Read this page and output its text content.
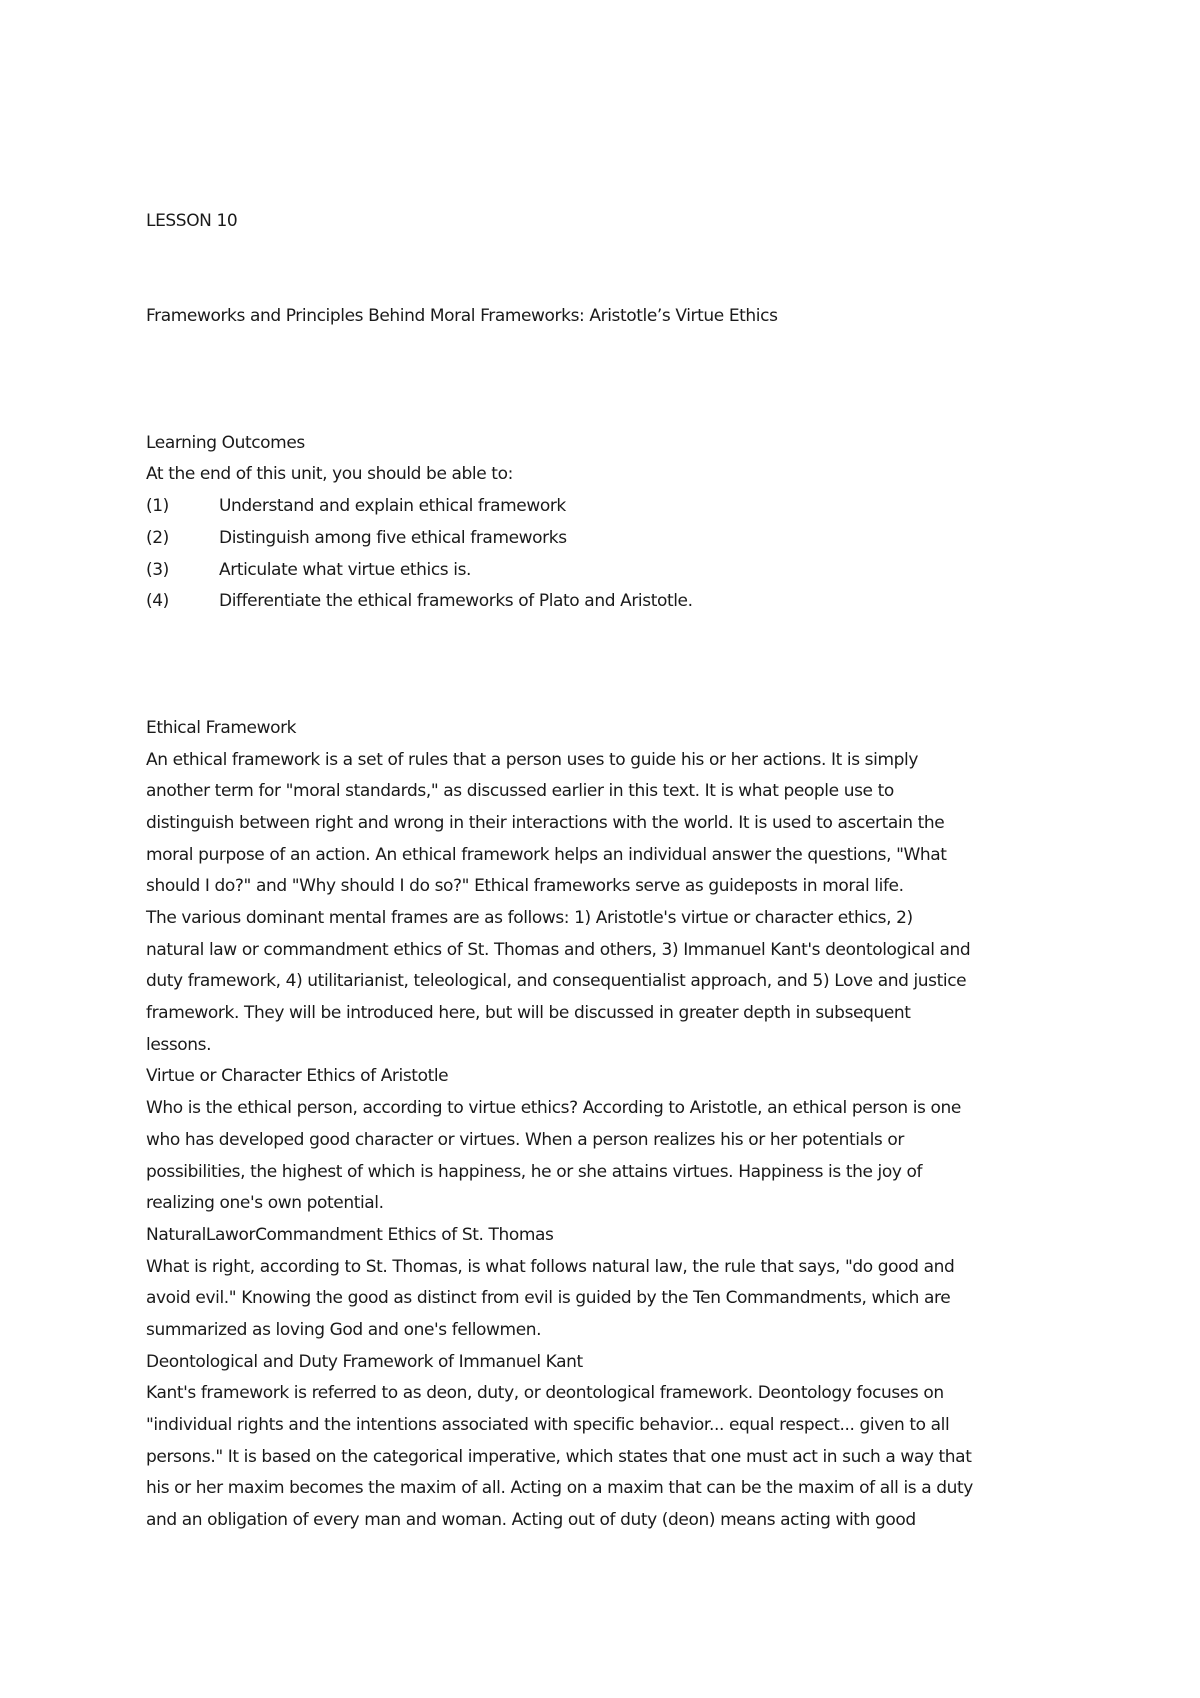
LESSON 10

Frameworks and Principles Behind Moral Frameworks: Aristotle’s Virtue Ethics

Learning Outcomes

At the end of this unit, you should be able to:

(1)	Understand and explain ethical framework
(2)	Distinguish among five ethical frameworks
(3)	Articulate what virtue ethics is.
(4)	Differentiate the ethical frameworks of Plato and Aristotle.

Ethical Framework

An ethical framework is a set of rules that a person uses to guide his or her actions. It is simply

another term for "moral standards," as discussed earlier in this text. It is what people use to

distinguish between right and wrong in their interactions with the world. It is used to ascertain the

moral purpose of an action. An ethical framework helps an individual answer the questions, "What

should I do?" and "Why should I do so?" Ethical frameworks serve as guideposts in moral life.

The various dominant mental frames are as follows: 1) Aristotle's virtue or character ethics, 2)

natural law or commandment ethics of St. Thomas and others, 3) Immanuel Kant's deontological and

duty framework, 4) utilitarianist, teleological, and consequentialist approach, and 5) Love and justice

framework. They will be introduced here, but will be discussed in greater depth in subsequent

lessons.

Virtue or Character Ethics of Aristotle

Who is the ethical person, according to virtue ethics? According to Aristotle, an ethical person is one

who has developed good character or virtues. When a person realizes his or her potentials or

possibilities, the highest of which is happiness, he or she attains virtues. Happiness is the joy of

realizing one's own potential.

NaturalLaworCommandment Ethics of St. Thomas

What is right, according to St. Thomas, is what follows natural law, the rule that says, "do good and

avoid evil." Knowing the good as distinct from evil is guided by the Ten Commandments, which are

summarized as loving God and one's fellowmen.

Deontological and Duty Framework of Immanuel Kant

Kant's framework is referred to as deon, duty, or deontological framework. Deontology focuses on

"individual rights and the intentions associated with specific behavior... equal respect... given to all

persons." It is based on the categorical imperative, which states that one must act in such a way that

his or her maxim becomes the maxim of all. Acting on a maxim that can be the maxim of all is a duty

and an obligation of every man and woman. Acting out of duty (deon) means acting with good
